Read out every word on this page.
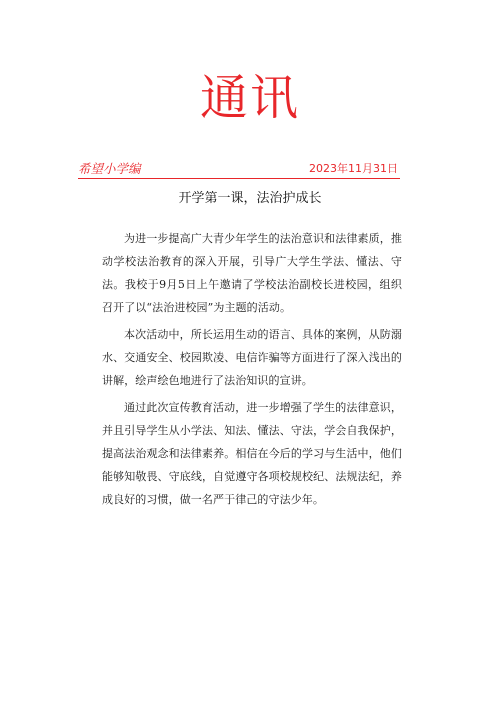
通讯
希望小学编	2023年11月31日
开学第一课，法治护成长

为进一步提高广大青少年学生的法治意识和法律素质，推动学校法治教育的深入开展，引导广大学生学法、懂法、守法。我校于9月5日上午邀请了学校法治副校长进校园，组织召开了以“法治进校园”为主题的活动。

本次活动中，所长运用生动的语言、具体的案例，从防溺水、交通安全、校园欺凌、电信诈骗等方面进行了深入浅出的讲解，绘声绘色地进行了法治知识的宣讲。

通过此次宣传教育活动，进一步增强了学生的法律意识，并且引导学生从小学法、知法、懂法、守法，学会自我保护，提高法治观念和法律素养。相信在今后的学习与生活中，他们能够知敬畏、守底线，自觉遵守各项校规校纪、法规法纪，养成良好的习惯，做一名严于律己的守法少年。
